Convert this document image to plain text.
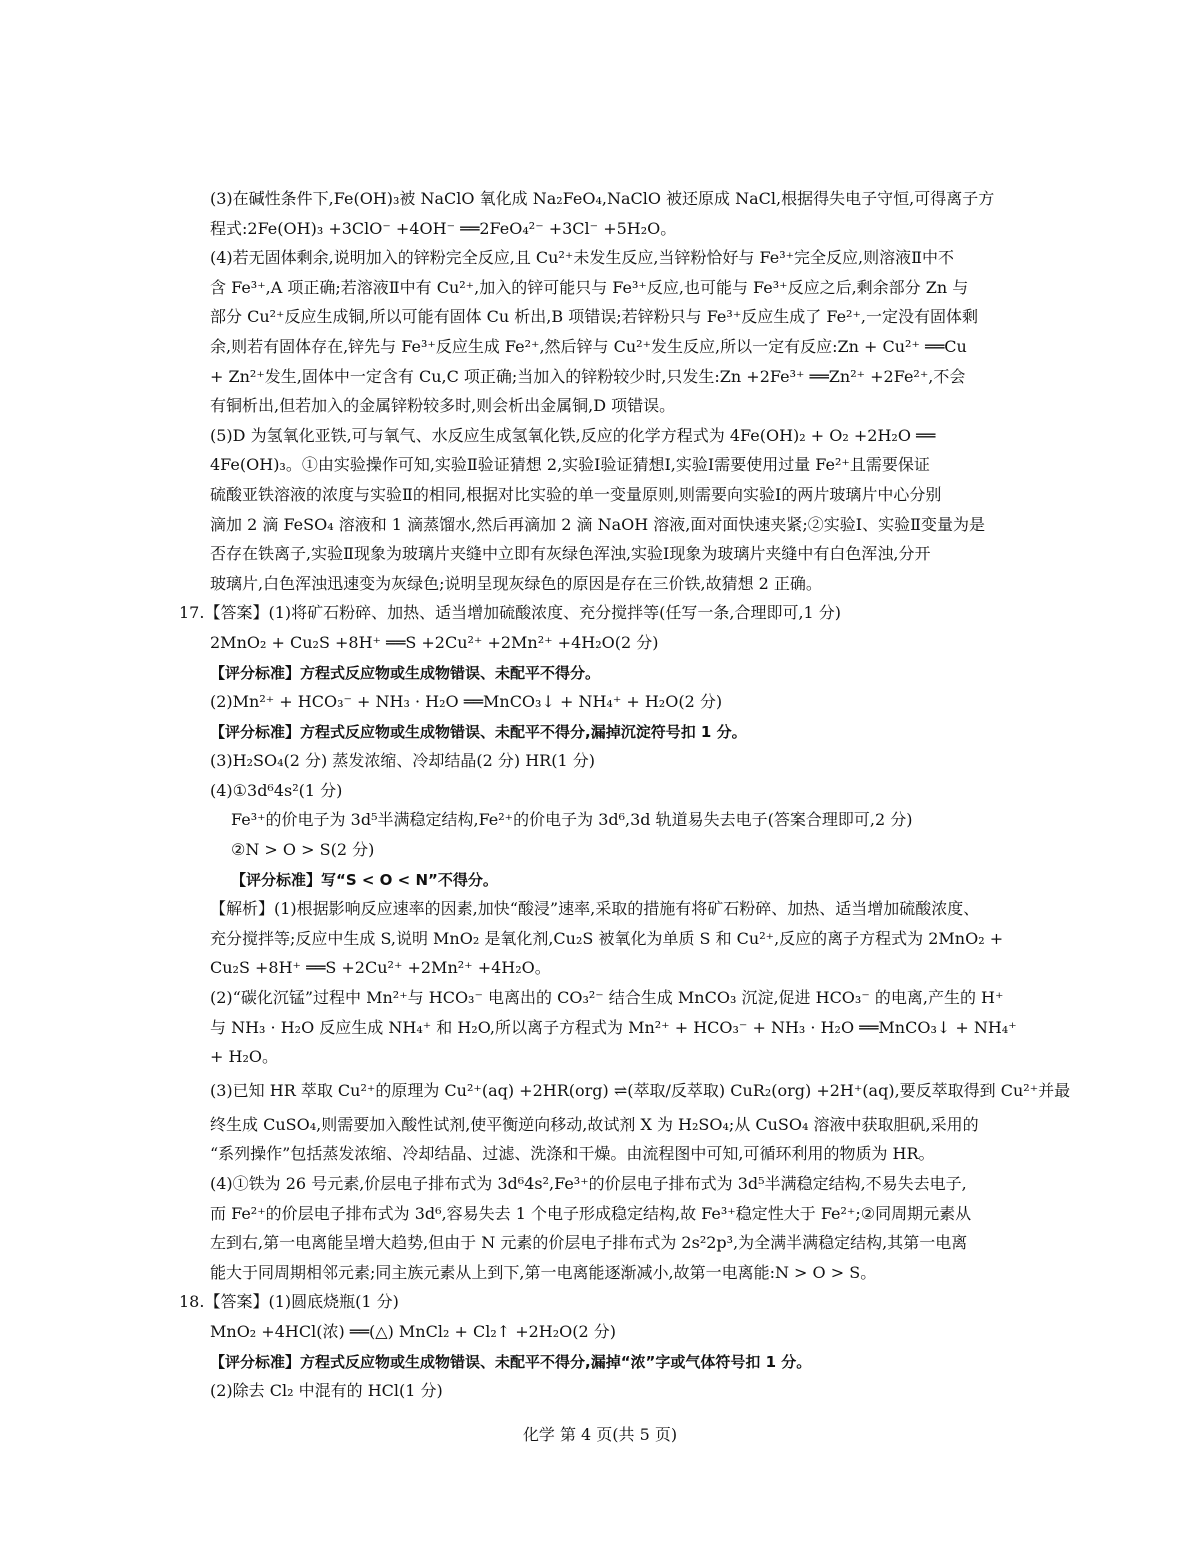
(3)在碱性条件下,Fe(OH)₃被 NaClO 氧化成 Na₂FeO₄,NaClO 被还原成 NaCl,根据得失电子守恒,可得离子方
程式:2Fe(OH)₃ +3ClO⁻ +4OH⁻ ══2FeO₄²⁻ +3Cl⁻ +5H₂O。
(4)若无固体剩余,说明加入的锌粉完全反应,且 Cu²⁺未发生反应,当锌粉恰好与 Fe³⁺完全反应,则溶液Ⅱ中不
含 Fe³⁺,A 项正确;若溶液Ⅱ中有 Cu²⁺,加入的锌可能只与 Fe³⁺反应,也可能与 Fe³⁺反应之后,剩余部分 Zn 与
部分 Cu²⁺反应生成铜,所以可能有固体 Cu 析出,B 项错误;若锌粉只与 Fe³⁺反应生成了 Fe²⁺,一定没有固体剩
余,则若有固体存在,锌先与 Fe³⁺反应生成 Fe²⁺,然后锌与 Cu²⁺发生反应,所以一定有反应:Zn + Cu²⁺ ══Cu
+ Zn²⁺发生,固体中一定含有 Cu,C 项正确;当加入的锌粉较少时,只发生:Zn +2Fe³⁺ ══Zn²⁺ +2Fe²⁺,不会
有铜析出,但若加入的金属锌粉较多时,则会析出金属铜,D 项错误。
(5)D 为氢氧化亚铁,可与氧气、水反应生成氢氧化铁,反应的化学方程式为 4Fe(OH)₂ + O₂ +2H₂O ══
4Fe(OH)₃。①由实验操作可知,实验Ⅱ验证猜想 2,实验Ⅰ验证猜想Ⅰ,实验Ⅰ需要使用过量 Fe²⁺且需要保证
硫酸亚铁溶液的浓度与实验Ⅱ的相同,根据对比实验的单一变量原则,则需要向实验Ⅰ的两片玻璃片中心分别
滴加 2 滴 FeSO₄ 溶液和 1 滴蒸馏水,然后再滴加 2 滴 NaOH 溶液,面对面快速夹紧;②实验Ⅰ、实验Ⅱ变量为是
否存在铁离子,实验Ⅱ现象为玻璃片夹缝中立即有灰绿色浑浊,实验Ⅰ现象为玻璃片夹缝中有白色浑浊,分开
玻璃片,白色浑浊迅速变为灰绿色;说明呈现灰绿色的原因是存在三价铁,故猜想 2 正确。
17.【答案】(1)将矿石粉碎、加热、适当增加硫酸浓度、充分搅拌等(任写一条,合理即可,1 分)
2MnO₂ + Cu₂S +8H⁺ ══S +2Cu²⁺ +2Mn²⁺ +4H₂O(2 分)
【评分标准】方程式反应物或生成物错误、未配平不得分。
(2)Mn²⁺ + HCO₃⁻ + NH₃ · H₂O ══MnCO₃↓ + NH₄⁺ + H₂O(2 分)
【评分标准】方程式反应物或生成物错误、未配平不得分,漏掉沉淀符号扣 1 分。
(3)H₂SO₄(2 分) 蒸发浓缩、冷却结晶(2 分) HR(1 分)
(4)①3d⁶4s²(1 分)
Fe³⁺的价电子为 3d⁵半满稳定结构,Fe²⁺的价电子为 3d⁶,3d 轨道易失去电子(答案合理即可,2 分)
②N > O > S(2 分)
【评分标准】写“S < O < N”不得分。
【解析】(1)根据影响反应速率的因素,加快“酸浸”速率,采取的措施有将矿石粉碎、加热、适当增加硫酸浓度、
充分搅拌等;反应中生成 S,说明 MnO₂ 是氧化剂,Cu₂S 被氧化为单质 S 和 Cu²⁺,反应的离子方程式为 2MnO₂ +
Cu₂S +8H⁺ ══S +2Cu²⁺ +2Mn²⁺ +4H₂O。
(2)“碳化沉锰”过程中 Mn²⁺与 HCO₃⁻ 电离出的 CO₃²⁻ 结合生成 MnCO₃ 沉淀,促进 HCO₃⁻ 的电离,产生的 H⁺
与 NH₃ · H₂O 反应生成 NH₄⁺ 和 H₂O,所以离子方程式为 Mn²⁺ + HCO₃⁻ + NH₃ · H₂O ══MnCO₃↓ + NH₄⁺
+ H₂O。
(3)已知 HR 萃取 Cu²⁺的原理为 Cu²⁺(aq) +2HR(org) ⇌(萃取/反萃取) CuR₂(org) +2H⁺(aq),要反萃取得到 Cu²⁺并最
终生成 CuSO₄,则需要加入酸性试剂,使平衡逆向移动,故试剂 X 为 H₂SO₄;从 CuSO₄ 溶液中获取胆矾,采用的
“系列操作”包括蒸发浓缩、冷却结晶、过滤、洗涤和干燥。由流程图中可知,可循环利用的物质为 HR。
(4)①铁为 26 号元素,价层电子排布式为 3d⁶4s²,Fe³⁺的价层电子排布式为 3d⁵半满稳定结构,不易失去电子,
而 Fe²⁺的价层电子排布式为 3d⁶,容易失去 1 个电子形成稳定结构,故 Fe³⁺稳定性大于 Fe²⁺;②同周期元素从
左到右,第一电离能呈增大趋势,但由于 N 元素的价层电子排布式为 2s²2p³,为全满半满稳定结构,其第一电离
能大于同周期相邻元素;同主族元素从上到下,第一电离能逐渐减小,故第一电离能:N > O > S。
18.【答案】(1)圆底烧瓶(1 分)
MnO₂ +4HCl(浓) ══(△) MnCl₂ + Cl₂↑ +2H₂O(2 分)
【评分标准】方程式反应物或生成物错误、未配平不得分,漏掉“浓”字或气体符号扣 1 分。
(2)除去 Cl₂ 中混有的 HCl(1 分)
化学 第 4 页(共 5 页)
